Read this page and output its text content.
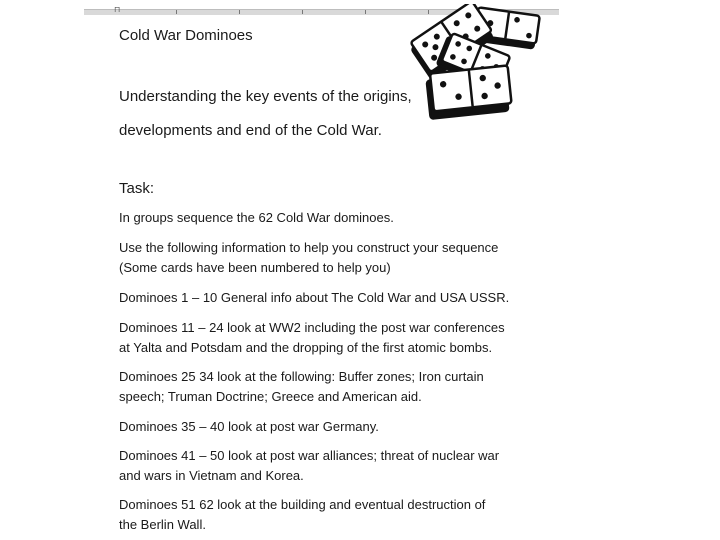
⊓
Cold War Dominoes
Understanding the key events of the origins,
developments and end of the Cold War.
Task:
In groups sequence the 62 Cold War dominoes.
Use the following information to help you construct your sequence
(Some cards have been numbered to help you)
Dominoes 1 – 10 General info about The Cold War and USA USSR.
Dominoes 11 – 24 look at WW2 including the post war conferences
at Yalta and Potsdam and the dropping of the first atomic bombs.
Dominoes 25 34 look at the following: Buffer zones; Iron curtain
speech; Truman Doctrine; Greece and American aid.
Dominoes 35 – 40 look at post war Germany.
Dominoes 41 – 50 look at post war alliances; threat of nuclear war
and wars in Vietnam and Korea.
Dominoes 51 62 look at the building and eventual destruction of
the Berlin Wall.
